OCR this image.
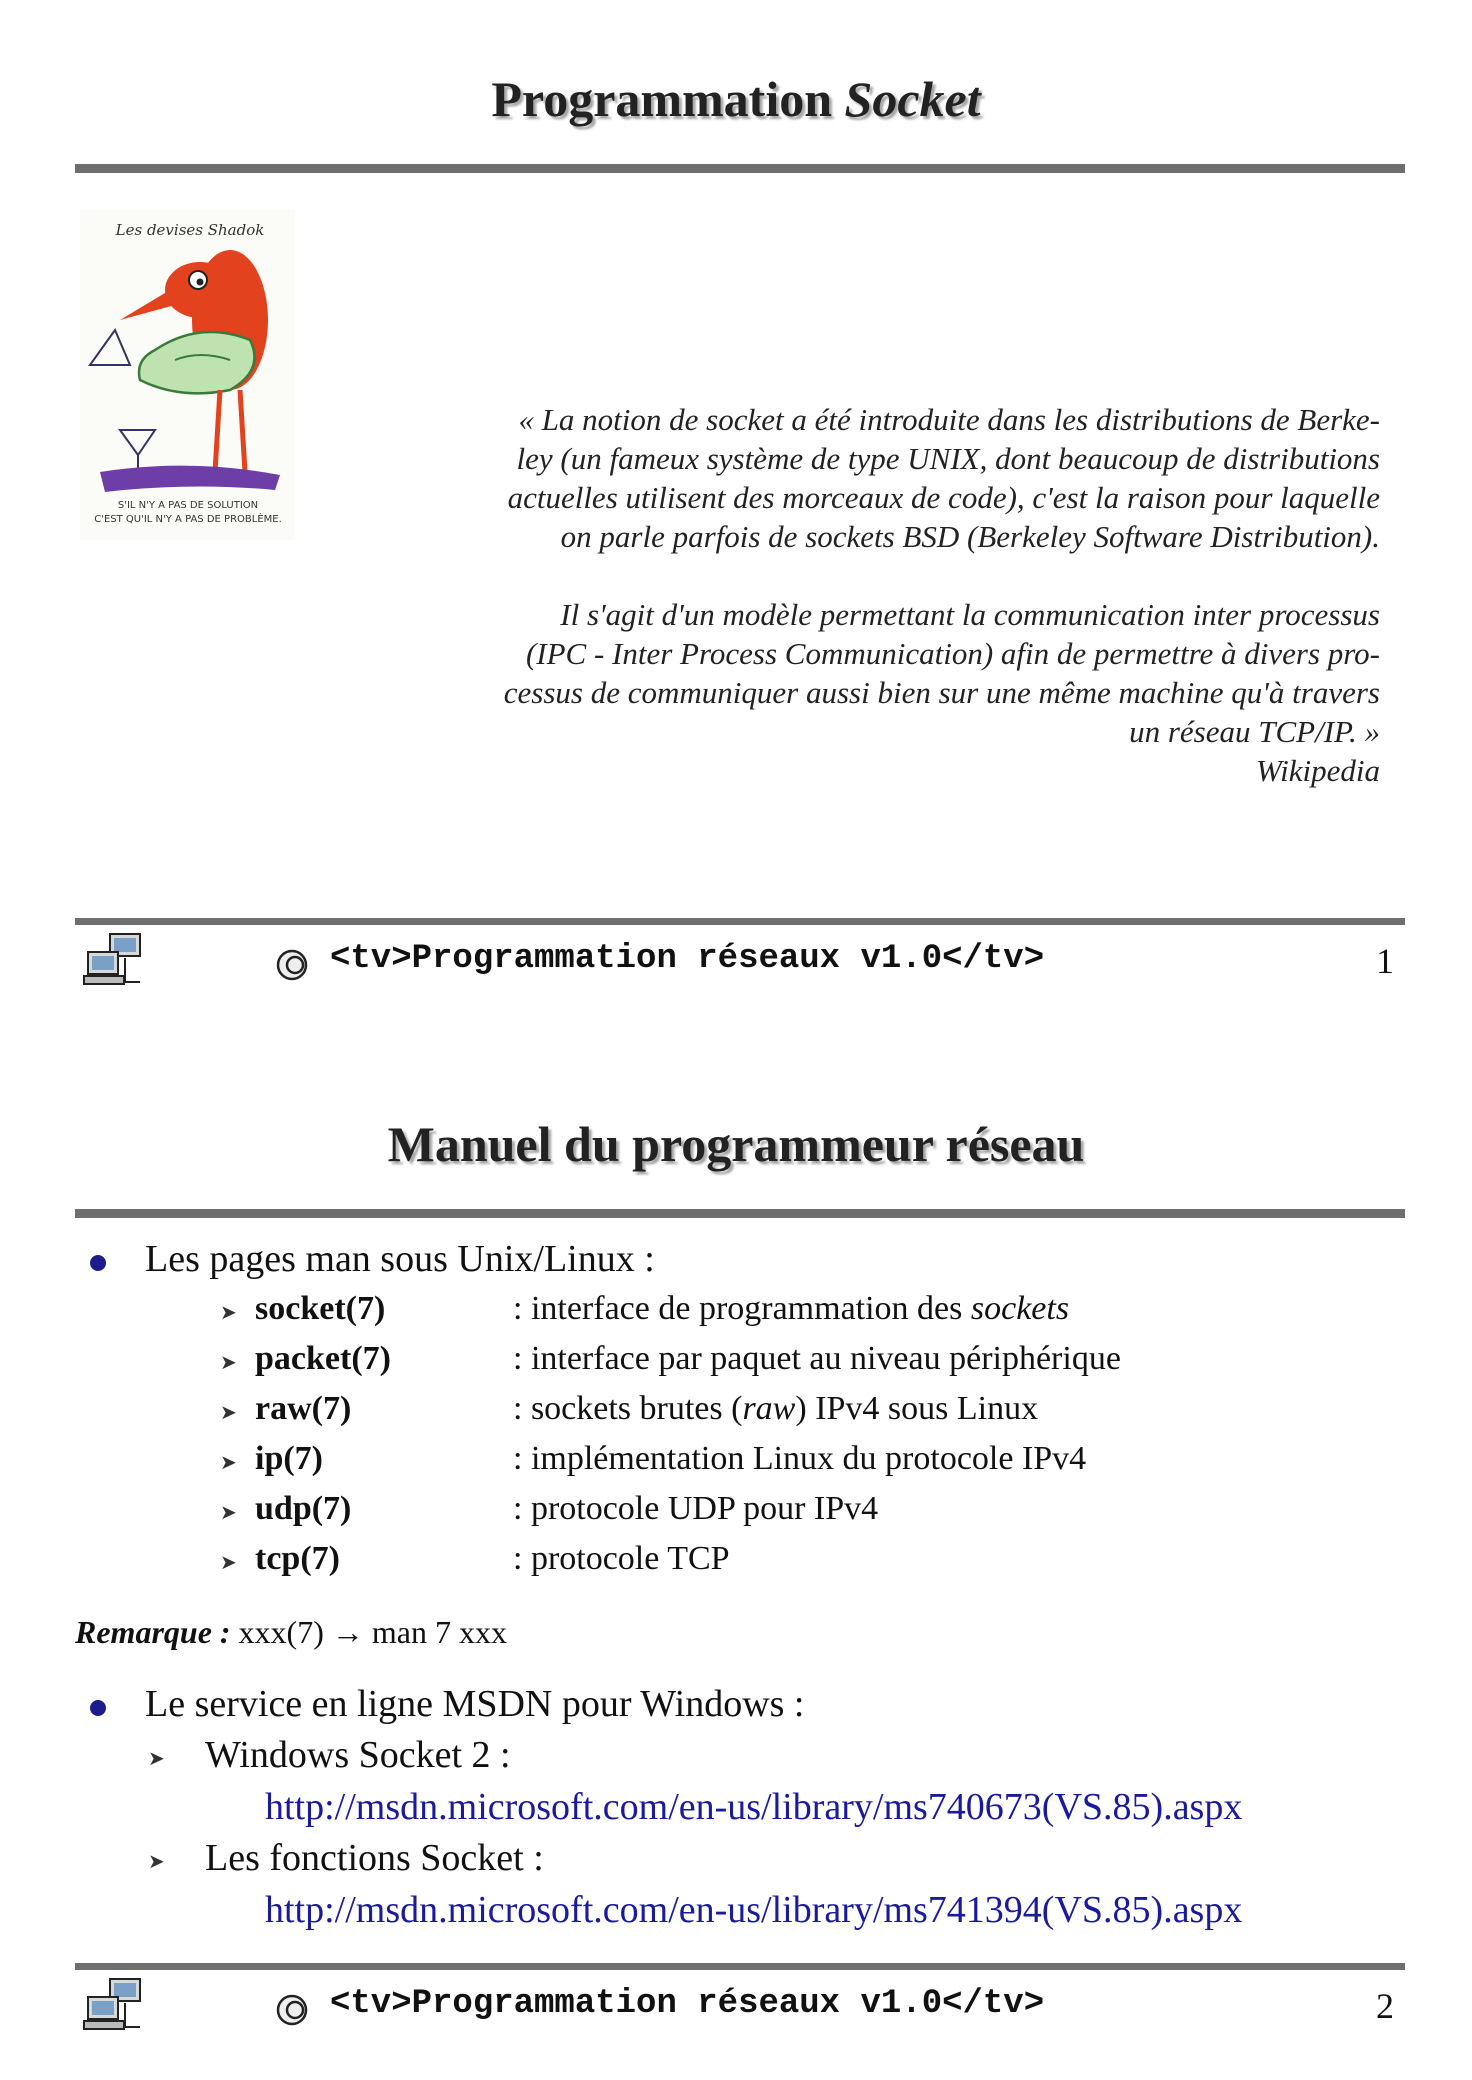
Programmation Socket
Les devises Shadok
S'IL N'Y A PAS DE SOLUTION
C'EST QU'IL N'Y A PAS DE PROBLÈME.

« La notion de socket a été introduite dans les distributions de Berke-
ley (un fameux système de type UNIX, dont beaucoup de distributions
actuelles utilisent des morceaux de code), c'est la raison pour laquelle
on parle parfois de sockets BSD (Berkeley Software Distribution).

Il s'agit d'un modèle permettant la communication inter processus
(IPC - Inter Process Communication) afin de permettre à divers pro-
cessus de communiquer aussi bien sur une même machine qu'à travers
un réseau TCP/IP. »
Wikipedia

<tv>Programmation réseaux v1.0</tv>	1
Manuel du programmeur réseau
Les pages man sous Unix/Linux :
➤ socket(7)	: interface de programmation des sockets
➤ packet(7)	: interface par paquet au niveau périphérique
➤ raw(7)	: sockets brutes (raw) IPv4 sous Linux
➤ ip(7)	: implémentation Linux du protocole IPv4
➤ udp(7)	: protocole UDP pour IPv4
➤ tcp(7)	: protocole TCP
Remarque : xxx(7) → man 7 xxx
Le service en ligne MSDN pour Windows :
➤ Windows Socket 2 :
http://msdn.microsoft.com/en-us/library/ms740673(VS.85).aspx
➤ Les fonctions Socket :
http://msdn.microsoft.com/en-us/library/ms741394(VS.85).aspx
<tv>Programmation réseaux v1.0</tv>	2
